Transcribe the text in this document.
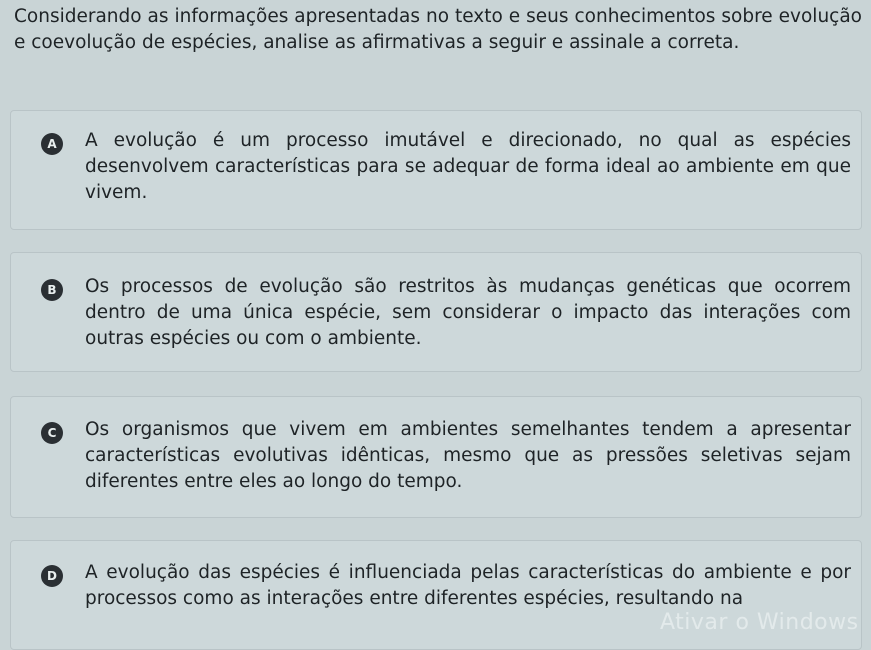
Considerando as informações apresentadas no texto e seus conhecimentos sobre evolução e coevolução de espécies, analise as afirmativas a seguir e assinale a correta.

A	A evolução é um processo imutável e direcionado, no qual as espécies desenvolvem características para se adequar de forma ideal ao ambiente em que vivem.

B	Os processos de evolução são restritos às mudanças genéticas que ocorrem dentro de uma única espécie, sem considerar o impacto das interações com outras espécies ou com o ambiente.

C	Os organismos que vivem em ambientes semelhantes tendem a apresentar características evolutivas idênticas, mesmo que as pressões seletivas sejam diferentes entre eles ao longo do tempo.

D	A evolução das espécies é influenciada pelas características do ambiente e por processos como as interações entre diferentes espécies, resultando na

Ativar o Windows
